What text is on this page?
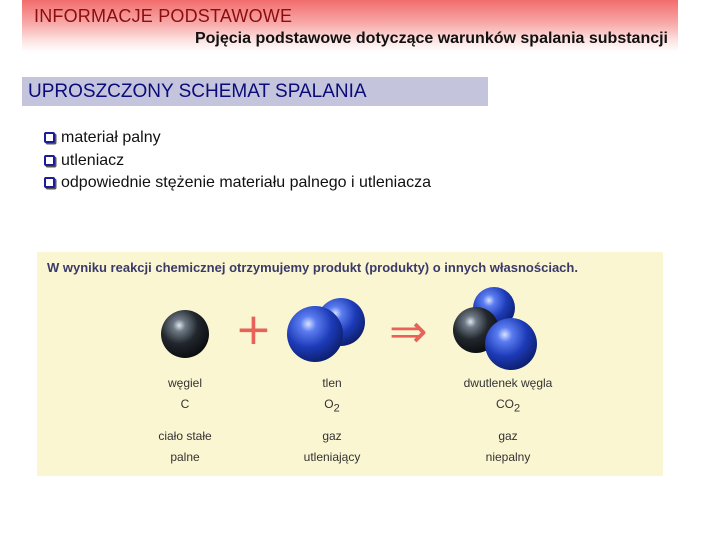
INFORMACJE PODSTAWOWE
Pojęcia podstawowe dotyczące warunków spalania substancji
UPROSZCZONY SCHEMAT SPALANIA
materiał palny
utleniacz
odpowiednie stężenie materiału palnego i utleniacza
W wyniku reakcji chemicznej otrzymujemy produkt (produkty) o innych własnościach.
+	⇒
węgiel
C
ciało stałe
palne
tlen
$O_2$
gaz
utleniający
dwutlenek węgla
$CO_2$
gaz
niepalny
